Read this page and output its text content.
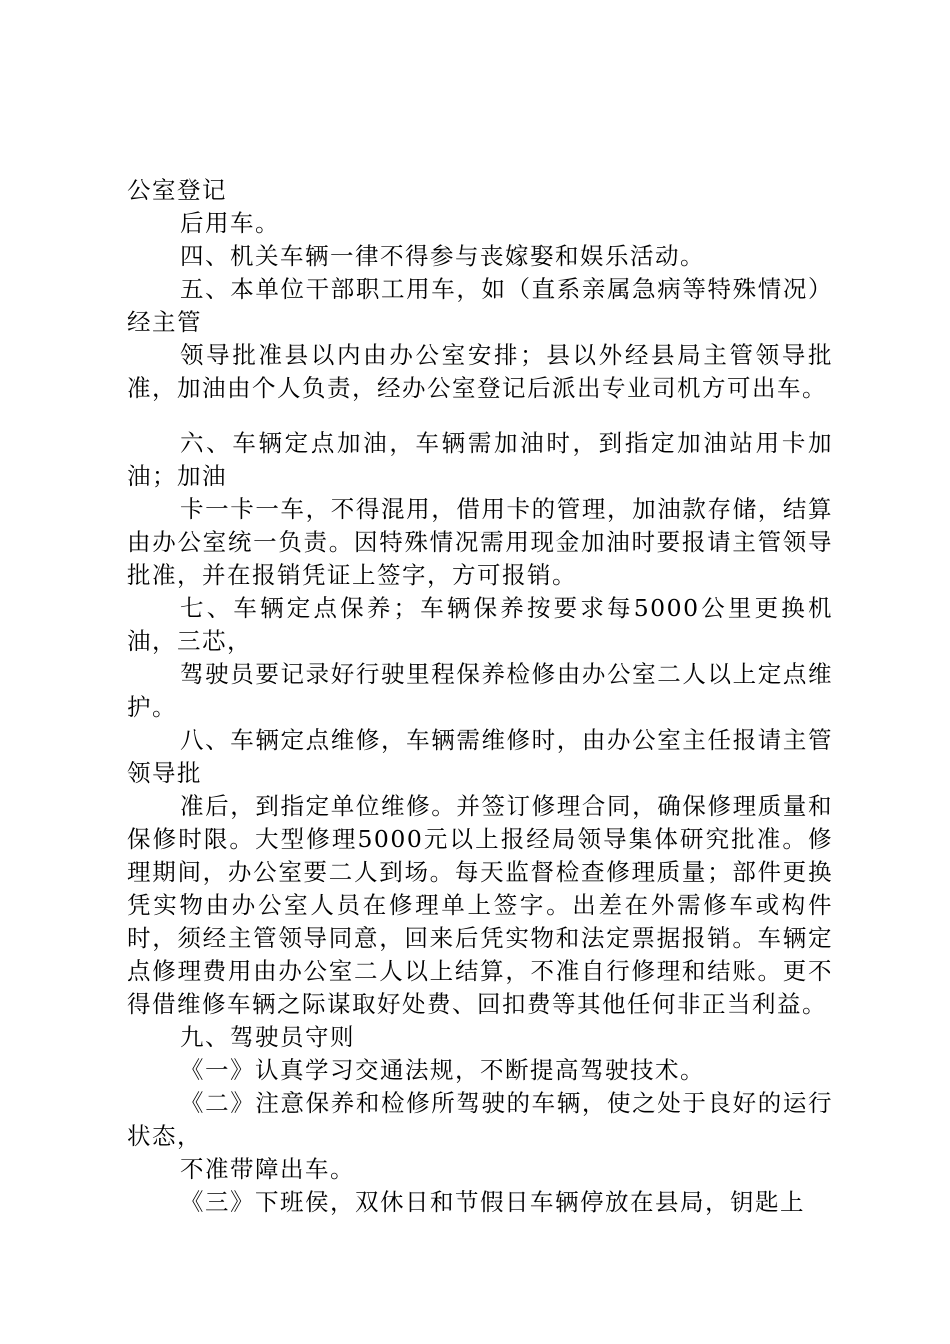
公室登记

后用车。

四、机关车辆一律不得参与丧嫁娶和娱乐活动。

五、本单位干部职工用车，如（直系亲属急病等特殊情况）经主管

领导批准县以内由办公室安排；县以外经县局主管领导批准，加油由个人负责，经办公室登记后派出专业司机方可出车。

六、车辆定点加油，车辆需加油时，到指定加油站用卡加油；加油

卡一卡一车，不得混用，借用卡的管理，加油款存储，结算由办公室统一负责。因特殊情况需用现金加油时要报请主管领导批准，并在报销凭证上签字，方可报销。

七、车辆定点保养；车辆保养按要求每5000公里更换机油，三芯，

驾驶员要记录好行驶里程保养检修由办公室二人以上定点维护。

八、车辆定点维修，车辆需维修时，由办公室主任报请主管领导批

准后，到指定单位维修。并签订修理合同，确保修理质量和保修时限。大型修理5000元以上报经局领导集体研究批准。修理期间，办公室要二人到场。每天监督检查修理质量；部件更换凭实物由办公室人员在修理单上签字。出差在外需修车或构件时，须经主管领导同意，回来后凭实物和法定票据报销。车辆定点修理费用由办公室二人以上结算，不准自行修理和结账。更不得借维修车辆之际谋取好处费、回扣费等其他任何非正当利益。

九、驾驶员守则

《一》认真学习交通法规，不断提高驾驶技术。

《二》注意保养和检修所驾驶的车辆，使之处于良好的运行状态，

不准带障出车。

《三》下班侯，双休日和节假日车辆停放在县局，钥匙上
